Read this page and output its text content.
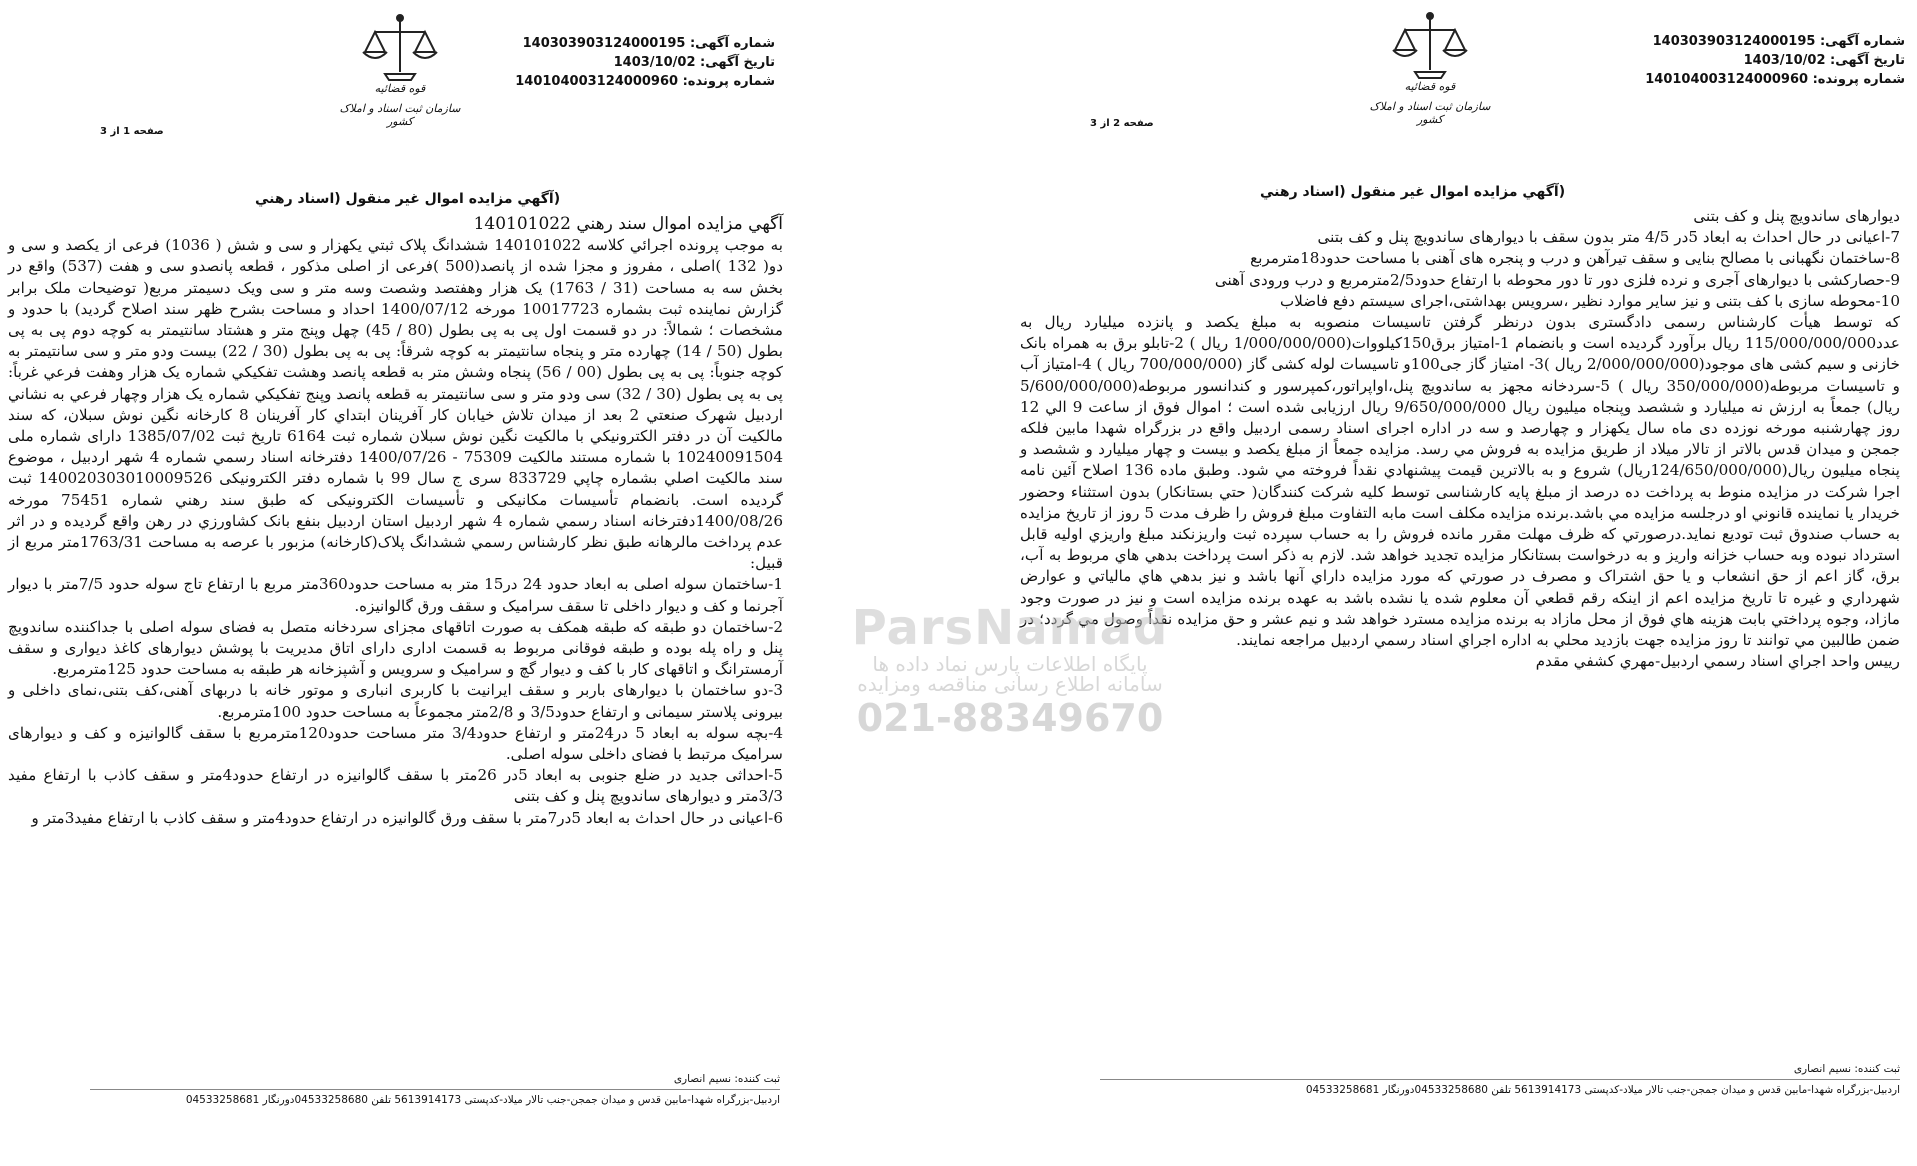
قوه قضائیه
سازمان ثبت اسناد و املاک کشور
شماره آگهی: 140303903124000195
تاریخ آگهی: 1403/10/02
شماره پرونده: 140104003124000960
صفحه 1 از 3
(آگهي مزايده اموال غير منقول (اسناد رهني

آگهي مزايده اموال سند رهني 140101022

به موجب پرونده اجرائي کلاسه 140101022 ششدانگ پلاک ثبتي يکهزار و سی و شش ( 1036) فرعی از يکصد و سی و دو( 132 )اصلی ، مفروز و مجزا شده از پانصد(500 )فرعی از اصلی مذکور ، قطعه پانصدو سی و هفت (537) واقع در بخش سه به مساحت (31 / 1763) يک هزار وهفتصد وشصت وسه متر و سی ويک دسيمتر مربع( توضيحات ملک برابر گزارش نماينده ثبت بشماره 10017723 مورخه 1400/07/12 احداد و مساحت بشرح ظهر سند اصلاح گرديد) با حدود و مشخصات ؛ شمالاً: در دو قسمت اول پی به پی بطول (80 / 45) چهل وپنج متر و هشتاد سانتيمتر به کوچه دوم پی به پی بطول (50 / 14) چهارده متر و پنجاه سانتيمتر به کوچه شرقاً: پی به پی بطول (30 / 22) بيست ودو متر و سی سانتيمتر به کوچه جنوباً: پی به پی بطول (00 / 56) پنجاه وشش متر به قطعه پانصد وهشت تفکيکي شماره يک هزار وهفت فرعي غرباً: پی به پی بطول (30 / 32) سی ودو متر و سی سانتيمتر به قطعه پانصد وپنج تفکيکي شماره يک هزار وچهار فرعي به نشاني اردبيل شهرک صنعتي 2 بعد از ميدان تلاش خيابان کار آفرينان ابتداي کار آفرينان 8 کارخانه نگين نوش سبلان، که سند مالکيت آن در دفتر الکترونيکي با مالکيت نگين نوش سبلان شماره ثبت 6164 تاريخ ثبت 1385/07/02 دارای شماره ملی 10240091504 با شماره مستند مالکيت 75309 - 1400/07/26 دفترخانه اسناد رسمي شماره 4 شهر اردبيل ، موضوع سند مالکيت اصلي بشماره چاپي 833729 سری ج سال 99 با شماره دفتر الکترونيکی 140020303010009526 ثبت گرديده است. بانضمام تأسيسات مکانيکی و تأسيسات الکترونيکی که طبق سند رهني شماره 75451 مورخه 1400/08/26دفترخانه اسناد رسمي شماره 4 شهر اردبيل استان اردبيل بنفع بانک کشاورزي در رهن واقع گرديده و در اثر عدم پرداخت مالرهانه طبق نظر کارشناس رسمي ششدانگ پلاک(کارخانه) مزبور با عرصه به مساحت 1763/31متر مربع از قبيل:

1-ساختمان سوله اصلی به ابعاد حدود 24 در15 متر به مساحت حدود360متر مربع با ارتفاع تاج سوله حدود 7/5متر با ديوار آجرنما و کف و ديوار داخلی تا سقف سراميک و سقف ورق گالوانيزه.

2-ساختمان دو طبقه که طبقه همکف به صورت اتاقهای مجزای سردخانه متصل به فضای سوله اصلی با جداکننده ساندويچ پنل و راه پله بوده و طبقه فوقانی مربوط به قسمت اداری دارای اتاق مديريت با پوشش ديوارهای کاغذ ديواری و سقف آرمسترانگ و اتاقهای کار با کف و ديوار گچ و سراميک و سرويس و آشپزخانه هر طبقه به مساحت حدود 125مترمربع.

3-دو ساختمان با ديوارهای باربر و سقف ايرانيت با کاربری انباری و موتور خانه با دربهای آهنی،کف بتنی،نمای داخلی و بيرونی پلاستر سيمانی و ارتفاع حدود3/5 و 2/8متر مجموعاً به مساحت حدود 100مترمربع.

4-بچه سوله به ابعاد 5 در24متر و ارتفاع حدود3/4 متر مساحت حدود120مترمربع با سقف گالوانيزه و کف و ديوارهای سراميک مرتبط با فضای داخلی سوله اصلی.

5-احداثی جديد در ضلع جنوبی به ابعاد 5در 26متر با سقف گالوانيزه در ارتفاع حدود4متر و سقف کاذب با ارتفاع مفيد 3/3متر و ديوارهای ساندويچ پنل و کف بتنی

6-اعيانی در حال احداث به ابعاد 5در7متر با سقف ورق گالوانيزه در ارتفاع حدود4متر و سقف کاذب با ارتفاع مفيد3متر و

ثبت کننده: نسیم انصاری
اردبیل-بزرگراه شهدا-مابین قدس و میدان جمجن-جنب تالار میلاد-کدپستی 5613914173 تلفن 04533258680دورنگار 04533258681
قوه قضائیه
سازمان ثبت اسناد و املاک کشور
شماره آگهی: 140303903124000195
تاریخ آگهی: 1403/10/02
شماره پرونده: 140104003124000960
صفحه 2 از 3
(آگهي مزايده اموال غير منقول (اسناد رهني

ديوارهای ساندويچ پنل و کف بتنی

7-اعيانی در حال احداث به ابعاد 5در 4/5 متر بدون سقف با ديوارهای ساندويچ پنل و کف بتنی

8-ساختمان نگهبانی با مصالح بنايی و سقف تيرآهن و درب و پنجره های آهنی با مساحت حدود18مترمربع

9-حصارکشی با ديوارهای آجری و نرده فلزی دور تا دور محوطه با ارتفاع حدود2/5مترمربع و درب ورودی آهنی

10-محوطه سازی با کف بتنی و نيز ساير موارد نظير ،سرويس بهداشتی،اجرای سيستم دفع فاضلاب

که توسط هيأت کارشناس رسمی دادگستری بدون درنظر گرفتن تاسيسات منصوبه به مبلغ يکصد و پانزده ميليارد ريال به عدد115/000/000/000 ريال برآورد گرديده است و بانضمام 1-امتياز برق150کيلووات(1/000/000/000 ريال ) 2-تابلو برق به همراه بانک خازنی و سيم کشی های موجود(2/000/000/000 ريال )3- امتياز گاز جی100و تاسيسات لوله کشی گاز (700/000/000 ريال ) 4-امتياز آب و تاسيسات مربوطه(350/000/000 ريال ) 5-سردخانه مجهز به ساندويچ پنل،اواپراتور،کمپرسور و کندانسور مربوطه(5/600/000/000 ريال) جمعاً به ارزش نه ميليارد و ششصد وپنجاه ميليون ريال 9/650/000/000 ريال ارزيابی شده است ؛ اموال فوق از ساعت 9 الي 12 روز چهارشنبه مورخه نوزده دی ماه سال يکهزار و چهارصد و سه در اداره اجرای اسناد رسمی اردبيل واقع در بزرگراه شهدا مابين فلکه جمجن و ميدان قدس بالاتر از تالار ميلاد از طريق مزايده به فروش مي رسد. مزايده جمعاً از مبلغ يکصد و بيست و چهار ميليارد و ششصد و پنجاه ميليون ريال(124/650/000/000ريال) شروع و به بالاترين قيمت پيشنهادي نقداً فروخته مي شود. وطبق ماده 136 اصلاح آئين نامه اجرا شرکت در مزايده منوط به پرداخت ده درصد از مبلغ پايه کارشناسی توسط کليه شرکت کنندگان( حتي بستانکار) بدون استثناء وحضور خريدار يا نماينده قانوني او درجلسه مزايده مي باشد.برنده مزايده مکلف است مابه التفاوت مبلغ فروش را ظرف مدت 5 روز از تاريخ مزايده به حساب صندوق ثبت توديع نمايد.درصورتي که ظرف مهلت مقرر مانده فروش را به حساب سپرده ثبت واريزنکند مبلغ واريزي اوليه قابل استرداد نبوده وبه حساب خزانه واريز و به درخواست بستانکار مزايده تجديد خواهد شد. لازم به ذکر است پرداخت بدهي هاي مربوط به آب، برق، گاز اعم از حق انشعاب و يا حق اشتراک و مصرف در صورتي که مورد مزايده داراي آنها باشد و نيز بدهي هاي مالياتي و عوارض شهرداري و غيره تا تاريخ مزايده اعم از اينکه رقم قطعي آن معلوم شده يا نشده باشد به عهده برنده مزايده است و نيز در صورت وجود مازاد، وجوه پرداختي بابت هزينه هاي فوق از محل مازاد به برنده مزايده مسترد خواهد شد و نيم عشر و حق مزايده نقداً وصول مي گردد؛ در ضمن طالبين مي توانند تا روز مزايده جهت بازديد محلي به اداره اجراي اسناد رسمي اردبيل مراجعه نمايند.

رييس واحد اجراي اسناد رسمي اردبيل-مهري کشفي مقدم

ثبت کننده: نسیم انصاری
اردبیل-بزرگراه شهدا-مابین قدس و میدان جمجن-جنب تالار میلاد-کدپستی 5613914173 تلفن 04533258680دورنگار 04533258681
ParsNamad
پایگاه اطلاعات پارس نماد داده ها
سامانه اطلاع رسانی مناقصه ومزایده
021-88349670
